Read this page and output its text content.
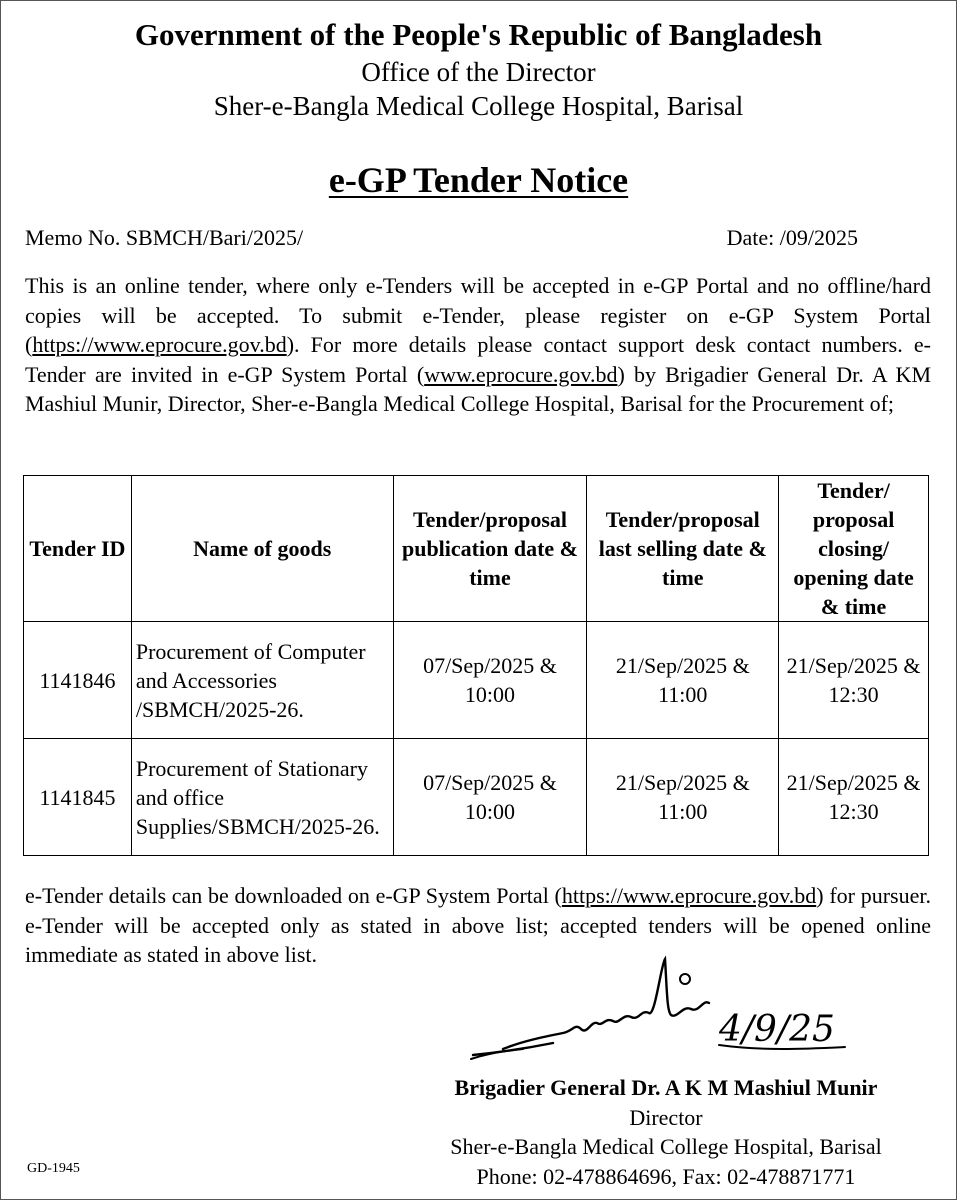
Government of the People's Republic of Bangladesh
Office of the Director
Sher-e-Bangla Medical College Hospital, Barisal
e-GP Tender Notice
Memo No. SBMCH/Bari/2025/	Date: /09/2025

This is an online tender, where only e-Tenders will be accepted in e-GP Portal and no offline/hard copies will be accepted. To submit e-Tender, please register on e-GP System Portal (https://www.eprocure.gov.bd). For more details please contact support desk contact numbers. e-Tender are invited in e-GP System Portal (www.eprocure.gov.bd) by Brigadier General Dr. A KM Mashiul Munir, Director, Sher-e-Bangla Medical College Hospital, Barisal for the Procurement of;

Tender ID	Name of goods	Tender/proposal publication date & time	Tender/proposal last selling date & time	Tender/ proposal closing/ opening date & time
1141846	Procurement of Computer and Accessories /SBMCH/2025-26.	07/Sep/2025 & 10:00	21/Sep/2025 & 11:00	21/Sep/2025 & 12:30
1141845	Procurement of Stationary and office Supplies/SBMCH/2025-26.	07/Sep/2025 & 10:00	21/Sep/2025 & 11:00	21/Sep/2025 & 12:30

e-Tender details can be downloaded on e-GP System Portal (https://www.eprocure.gov.bd) for pursuer. e-Tender will be accepted only as stated in above list; accepted tenders will be opened online immediate as stated in above list.

4/9/25
Brigadier General Dr. A K M Mashiul Munir
Director
Sher-e-Bangla Medical College Hospital, Barisal
Phone: 02-478864696, Fax: 02-478871771
GD-1945
